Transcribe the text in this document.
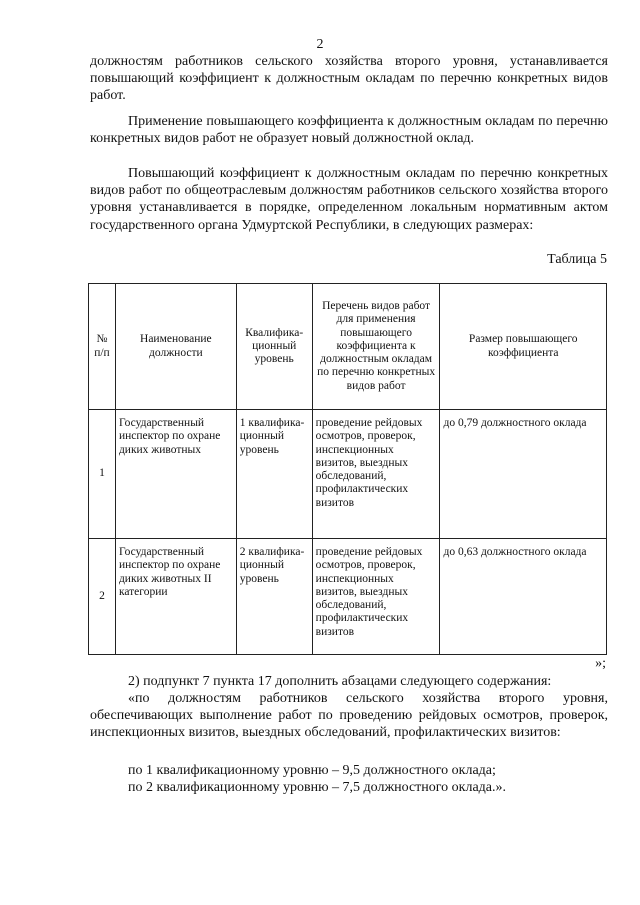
2

должностям работников сельского хозяйства второго уровня, устанавливается повышающий коэффициент к должностным окладам по перечню конкретных видов работ.

Применение повышающего коэффициента к должностным окладам по перечню конкретных видов работ не образует новый должностной оклад.

Повышающий коэффициент к должностным окладам по перечню конкретных видов работ по общеотраслевым должностям работников сельского хозяйства второго уровня устанавливается в порядке, определенном локальным нормативным актом государственного органа Удмуртской Республики, в следующих размерах:

Таблица 5
№ п/п	Наименование должности	Квалифика-ционный уровень	Перечень видов работ для применения повышающего коэффициента к должностным окладам по перечню конкретных видов работ	Размер повышающего коэффициента
1	Государственный инспектор по охране диких животных	1 квалифика-ционный уровень	проведение рейдовых осмотров, проверок, инспекционных визитов, выездных обследований, профилактических визитов	до 0,79 должностного оклада
2	Государственный инспектор по охране диких животных II категории	2 квалифика-ционный уровень	проведение рейдовых осмотров, проверок, инспекционных визитов, выездных обследований, профилактических визитов	до 0,63 должностного оклада
»;

2) подпункт 7 пункта 17 дополнить абзацами следующего содержания:

«по должностям работников сельского хозяйства второго уровня, обеспечивающих выполнение работ по проведению рейдовых осмотров, проверок, инспекционных визитов, выездных обследований, профилактических визитов:

по 1 квалификационному уровню – 9,5 должностного оклада;

по 2 квалификационному уровню – 7,5 должностного оклада.».
